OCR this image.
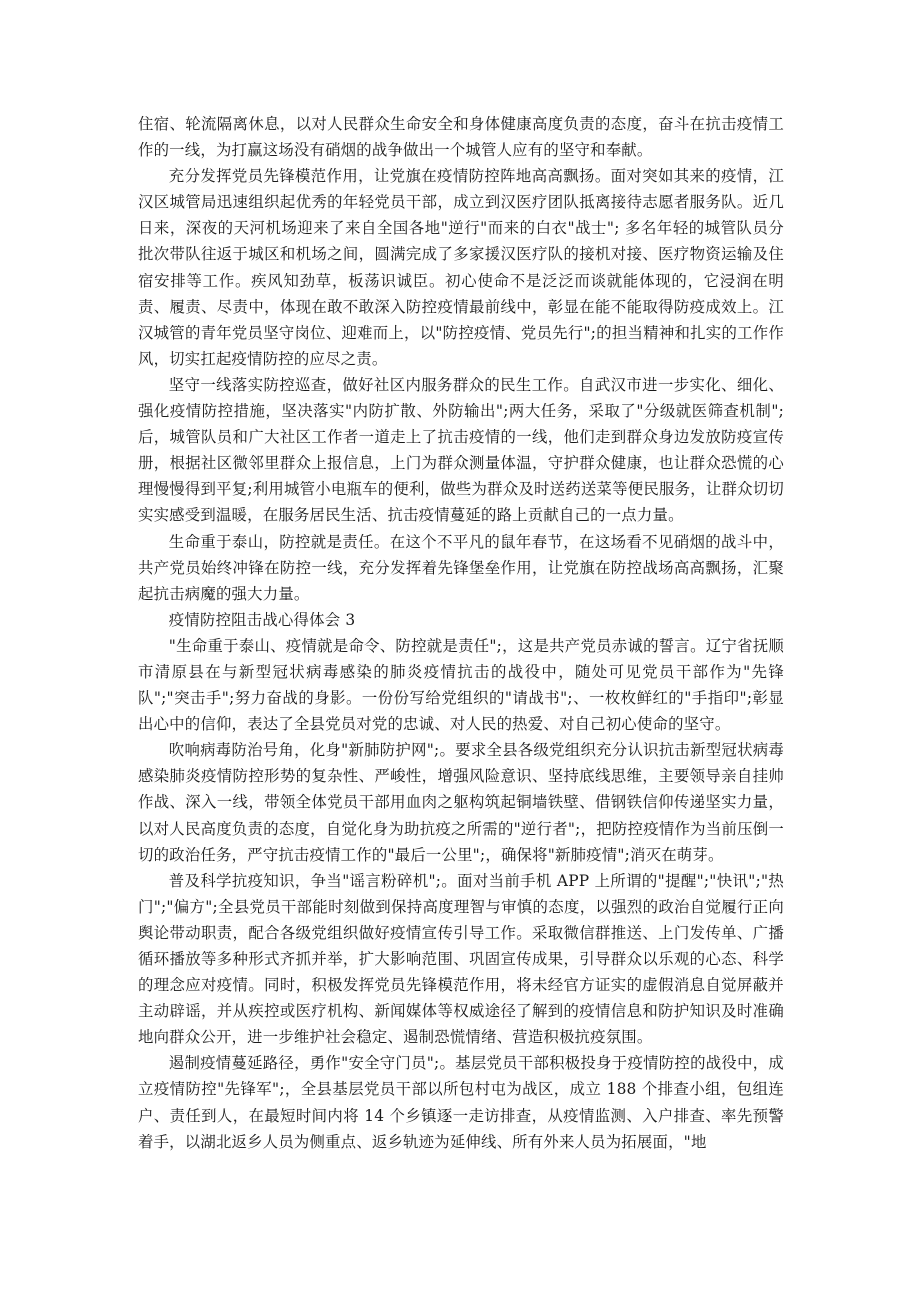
住宿、轮流隔离休息，以对人民群众生命安全和身体健康高度负责的态度，奋斗在抗击疫情工作的一线，为打赢这场没有硝烟的战争做出一个城管人应有的坚守和奉献。

充分发挥党员先锋模范作用，让党旗在疫情防控阵地高高飘扬。面对突如其来的疫情，江汉区城管局迅速组织起优秀的年轻党员干部，成立到汉医疗团队抵离接待志愿者服务队。近几日来，深夜的天河机场迎来了来自全国各地"逆行"而来的白衣"战士"; 多名年轻的城管队员分批次带队往返于城区和机场之间，圆满完成了多家援汉医疗队的接机对接、医疗物资运输及住宿安排等工作。疾风知劲草，板荡识诚臣。初心使命不是泛泛而谈就能体现的，它浸润在明责、履责、尽责中，体现在敢不敢深入防控疫情最前线中，彰显在能不能取得防疫成效上。江汉城管的青年党员坚守岗位、迎难而上，以"防控疫情、党员先行";的担当精神和扎实的工作作风，切实扛起疫情防控的应尽之责。

坚守一线落实防控巡查，做好社区内服务群众的民生工作。自武汉市进一步实化、细化、强化疫情防控措施，坚决落实"内防扩散、外防输出";两大任务，采取了"分级就医筛查机制";后，城管队员和广大社区工作者一道走上了抗击疫情的一线，他们走到群众身边发放防疫宣传册，根据社区微邻里群众上报信息，上门为群众测量体温，守护群众健康，也让群众恐慌的心理慢慢得到平复;利用城管小电瓶车的便利，做些为群众及时送药送菜等便民服务，让群众切切实实感受到温暖，在服务居民生活、抗击疫情蔓延的路上贡献自己的一点力量。

生命重于泰山，防控就是责任。在这个不平凡的鼠年春节，在这场看不见硝烟的战斗中，共产党员始终冲锋在防控一线，充分发挥着先锋堡垒作用，让党旗在防控战场高高飘扬，汇聚起抗击病魔的强大力量。

疫情防控阻击战心得体会 3

"生命重于泰山、疫情就是命令、防控就是责任";，这是共产党员赤诚的誓言。辽宁省抚顺市清原县在与新型冠状病毒感染的肺炎疫情抗击的战役中，随处可见党员干部作为"先锋队";"突击手";努力奋战的身影。一份份写给党组织的"请战书";、一枚枚鲜红的"手指印";彰显出心中的信仰，表达了全县党员对党的忠诚、对人民的热爱、对自己初心使命的坚守。

吹响病毒防治号角，化身"新肺防护网";。要求全县各级党组织充分认识抗击新型冠状病毒感染肺炎疫情防控形势的复杂性、严峻性，增强风险意识、坚持底线思维，主要领导亲自挂帅作战、深入一线，带领全体党员干部用血肉之躯构筑起铜墙铁壁、借钢铁信仰传递坚实力量，以对人民高度负责的态度，自觉化身为助抗疫之所需的"逆行者";，把防控疫情作为当前压倒一切的政治任务，严守抗击疫情工作的"最后一公里";，确保将"新肺疫情";消灭在萌芽。

普及科学抗疫知识，争当"谣言粉碎机";。面对当前手机 APP 上所谓的"提醒";"快讯";"热门";"偏方";全县党员干部能时刻做到保持高度理智与审慎的态度，以强烈的政治自觉履行正向舆论带动职责，配合各级党组织做好疫情宣传引导工作。采取微信群推送、上门发传单、广播循环播放等多种形式齐抓并举，扩大影响范围、巩固宣传成果，引导群众以乐观的心态、科学的理念应对疫情。同时，积极发挥党员先锋模范作用，将未经官方证实的虚假消息自觉屏蔽并主动辟谣，并从疾控或医疗机构、新闻媒体等权威途径了解到的疫情信息和防护知识及时准确地向群众公开，进一步维护社会稳定、遏制恐慌情绪、营造积极抗疫氛围。

遏制疫情蔓延路径，勇作"安全守门员";。基层党员干部积极投身于疫情防控的战役中，成立疫情防控"先锋军";，全县基层党员干部以所包村屯为战区，成立 188 个排查小组，包组连户、责任到人，在最短时间内将 14 个乡镇逐一走访排查，从疫情监测、入户排查、率先预警着手，以湖北返乡人员为侧重点、返乡轨迹为延伸线、所有外来人员为拓展面，"地
